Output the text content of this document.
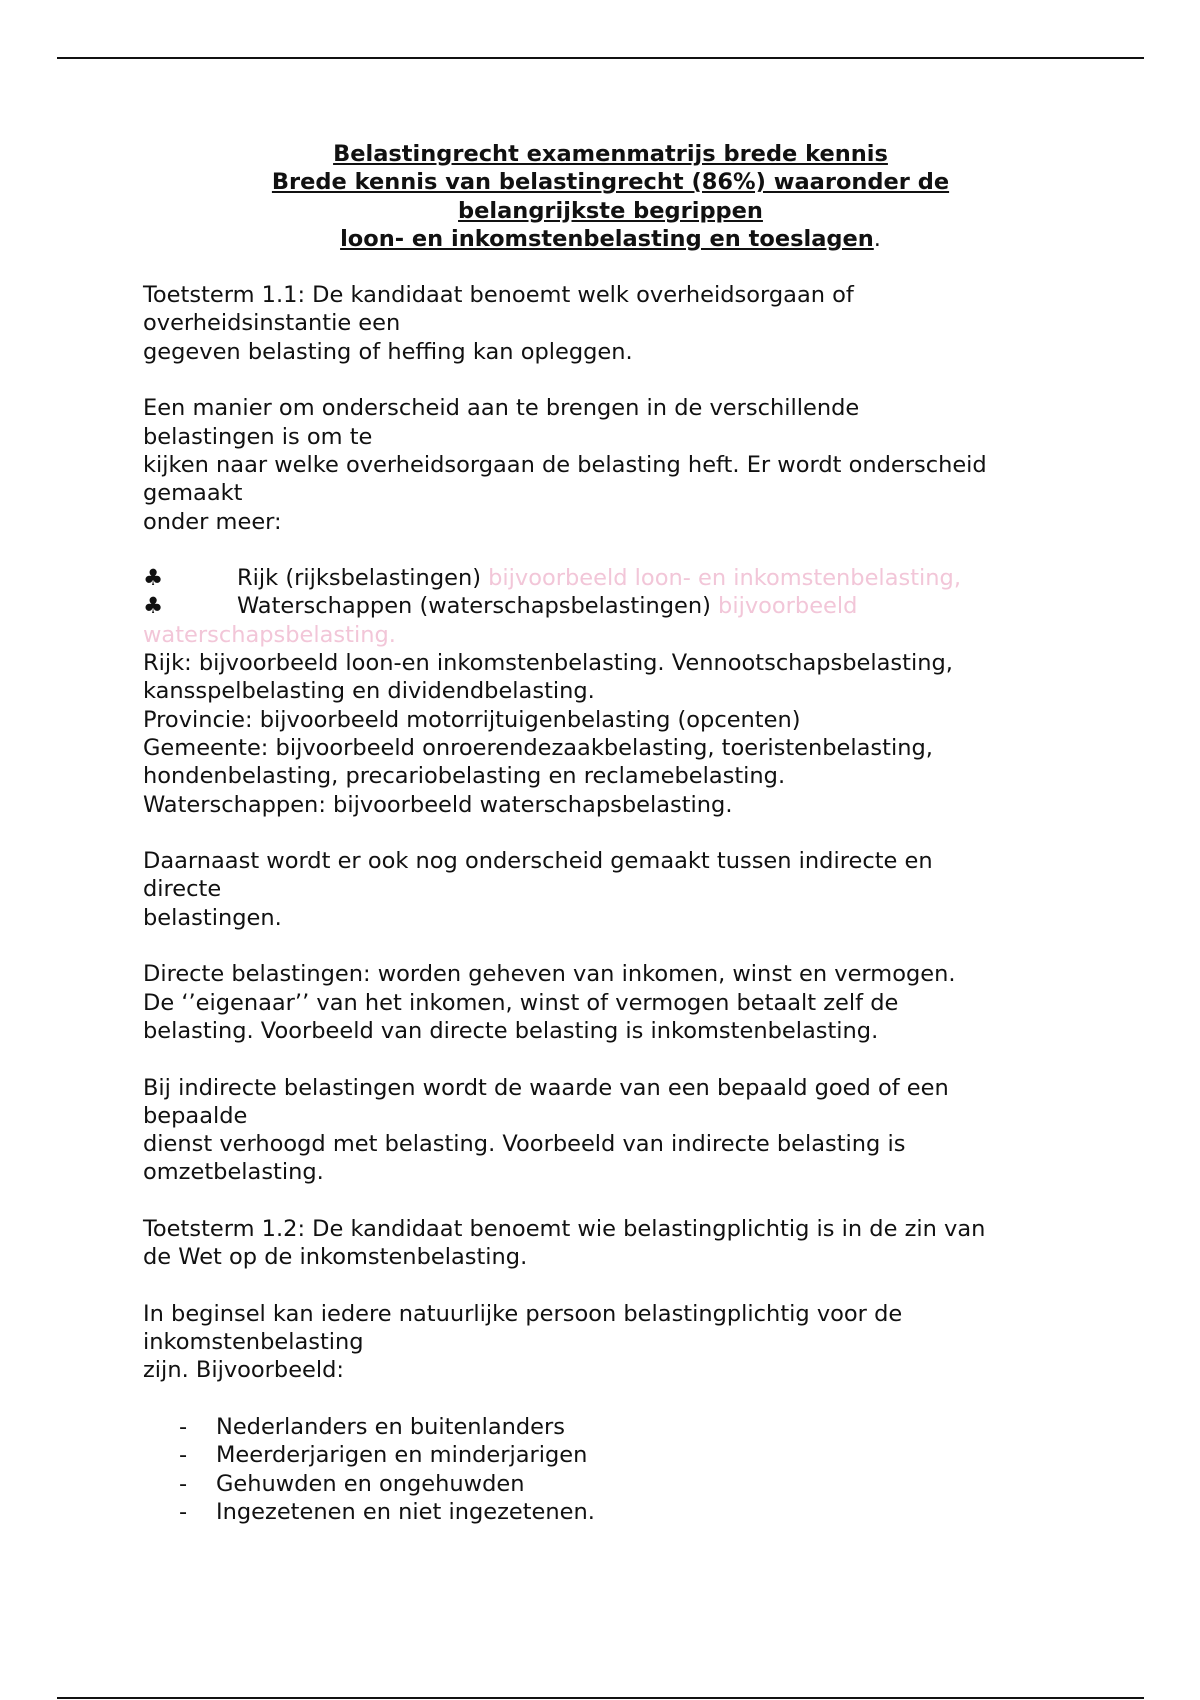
Belastingrecht examenmatrijs brede kennis
Brede kennis van belastingrecht (86%) waaronder de
belangrijkste begrippen
loon- en inkomstenbelasting en toeslagen.
Toetsterm 1.1: De kandidaat benoemt welk overheidsorgaan of
overheidsinstantie een
gegeven belasting of heffing kan opleggen.
Een manier om onderscheid aan te brengen in de verschillende
belastingen is om te
kijken naar welke overheidsorgaan de belasting heft. Er wordt onderscheid
gemaakt
onder meer:
♣	Rijk (rijksbelastingen) bijvoorbeeld loon- en inkomstenbelasting,
♣	Waterschappen (waterschapsbelastingen) bijvoorbeeld
waterschapsbelasting.
Rijk: bijvoorbeeld loon-en inkomstenbelasting. Vennootschapsbelasting,
kansspelbelasting en dividendbelasting.
Provincie: bijvoorbeeld motorrijtuigenbelasting (opcenten)
Gemeente: bijvoorbeeld onroerendezaakbelasting, toeristenbelasting,
hondenbelasting, precariobelasting en reclamebelasting.
Waterschappen: bijvoorbeeld waterschapsbelasting.
Daarnaast wordt er ook nog onderscheid gemaakt tussen indirecte en
directe
belastingen.
Directe belastingen: worden geheven van inkomen, winst en vermogen.
De ‘’eigenaar’’ van het inkomen, winst of vermogen betaalt zelf de
belasting. Voorbeeld van directe belasting is inkomstenbelasting.
Bij indirecte belastingen wordt de waarde van een bepaald goed of een
bepaalde
dienst verhoogd met belasting. Voorbeeld van indirecte belasting is
omzetbelasting.
Toetsterm 1.2: De kandidaat benoemt wie belastingplichtig is in de zin van
de Wet op de inkomstenbelasting.
In beginsel kan iedere natuurlijke persoon belastingplichtig voor de
inkomstenbelasting
zijn. Bijvoorbeeld:
- Nederlanders en buitenlanders
- Meerderjarigen en minderjarigen
- Gehuwden en ongehuwden
- Ingezetenen en niet ingezetenen.
